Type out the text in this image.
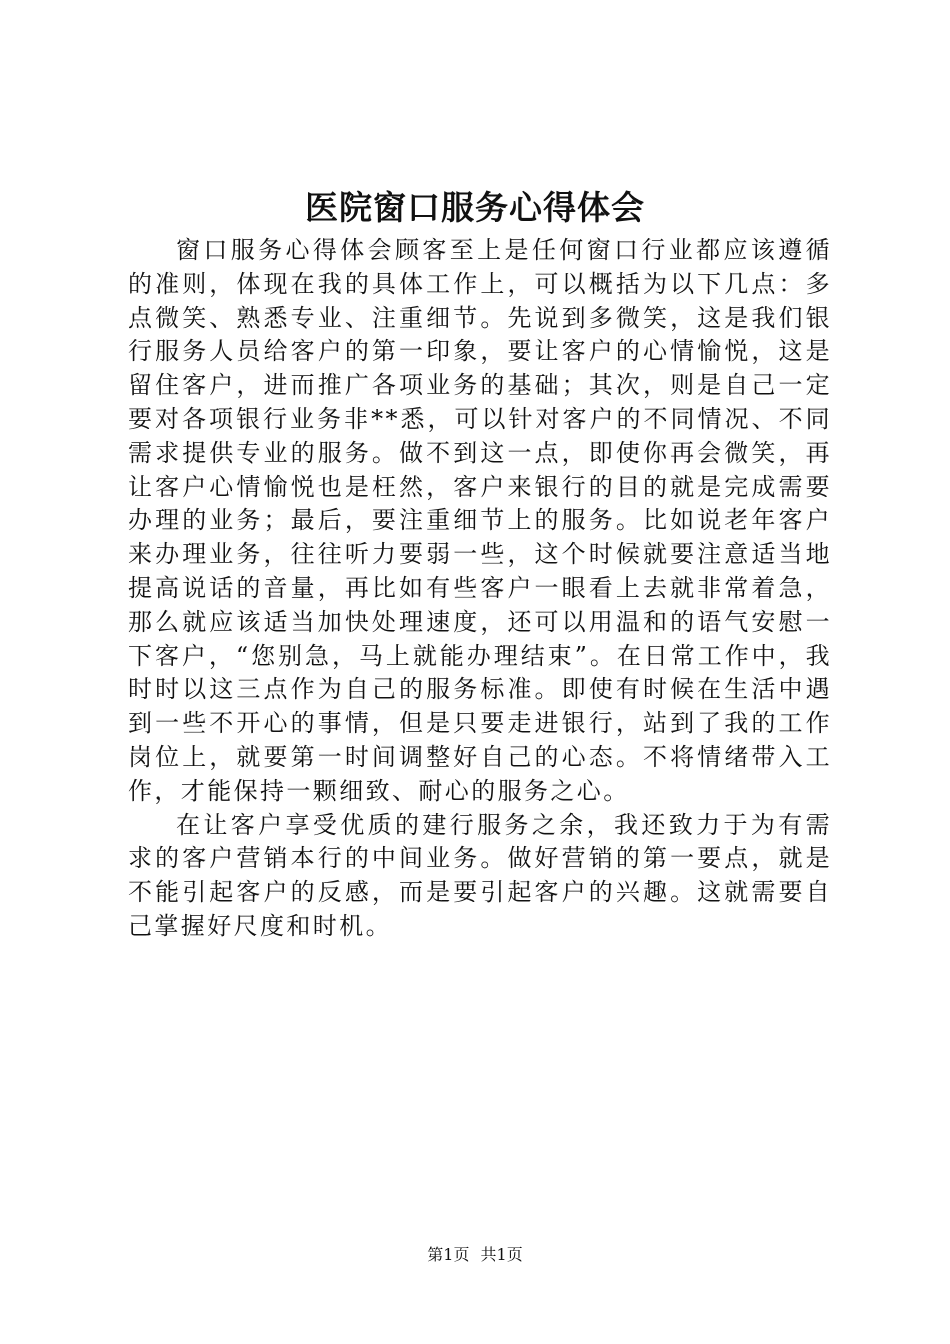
医院窗口服务心得体会

窗口服务心得体会顾客至上是任何窗口行业都应该遵循的准则，体现在我的具体工作上，可以概括为以下几点：多点微笑、熟悉专业、注重细节。先说到多微笑，这是我们银行服务人员给客户的第一印象，要让客户的心情愉悦，这是留住客户，进而推广各项业务的基础；其次，则是自己一定要对各项银行业务非**悉，可以针对客户的不同情况、不同需求提供专业的服务。做不到这一点，即使你再会微笑，再让客户心情愉悦也是枉然，客户来银行的目的就是完成需要办理的业务；最后，要注重细节上的服务。比如说老年客户来办理业务，往往听力要弱一些，这个时候就要注意适当地提高说话的音量，再比如有些客户一眼看上去就非常着急，那么就应该适当加快处理速度，还可以用温和的语气安慰一下客户，“您别急，马上就能办理结束”。在日常工作中，我时时以这三点作为自己的服务标准。即使有时候在生活中遇到一些不开心的事情，但是只要走进银行，站到了我的工作岗位上，就要第一时间调整好自己的心态。不将情绪带入工作，才能保持一颗细致、耐心的服务之心。

在让客户享受优质的建行服务之余，我还致力于为有需求的客户营销本行的中间业务。做好营销的第一要点，就是不能引起客户的反感，而是要引起客户的兴趣。这就需要自己掌握好尺度和时机。

第1页 共1页
